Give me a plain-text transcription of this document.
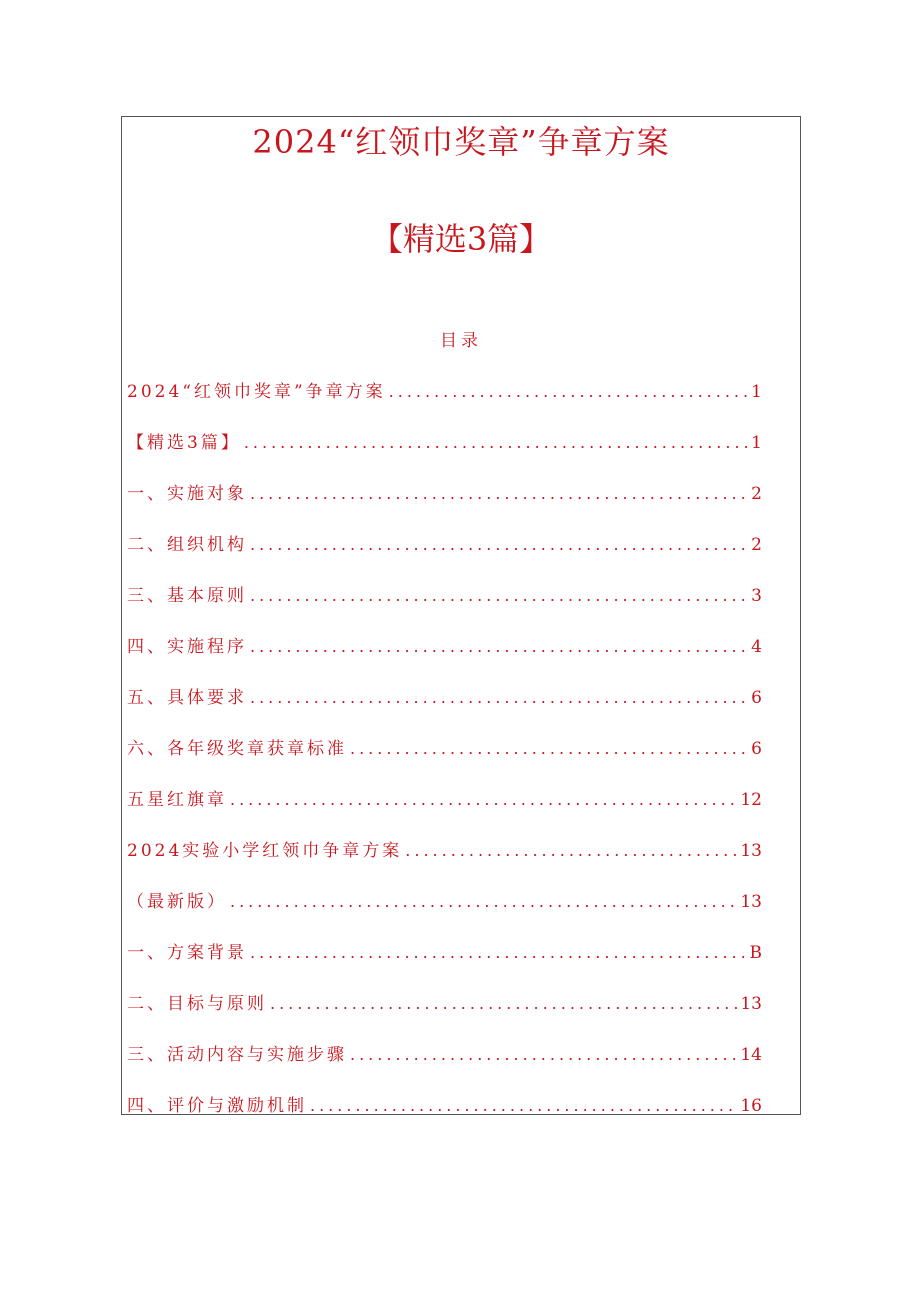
2024“红领巾奖章”争章方案
【精选3篇】
目录
2024“红领巾奖章”争章方案 .....	1
【精选3篇】 .....	1
一、实施对象 .....	2
二、组织机构 .....	2
三、基本原则 .....	3
四、实施程序 .....	4
五、具体要求 .....	6
六、各年级奖章获章标准 .....	6
五星红旗章 .....	12
2024实验小学红领巾争章方案 .....	13
（最新版） .....	13
一、方案背景 .....	B
二、目标与原则 .....	13
三、活动内容与实施步骤 .....	14
四、评价与激励机制 .....	16
